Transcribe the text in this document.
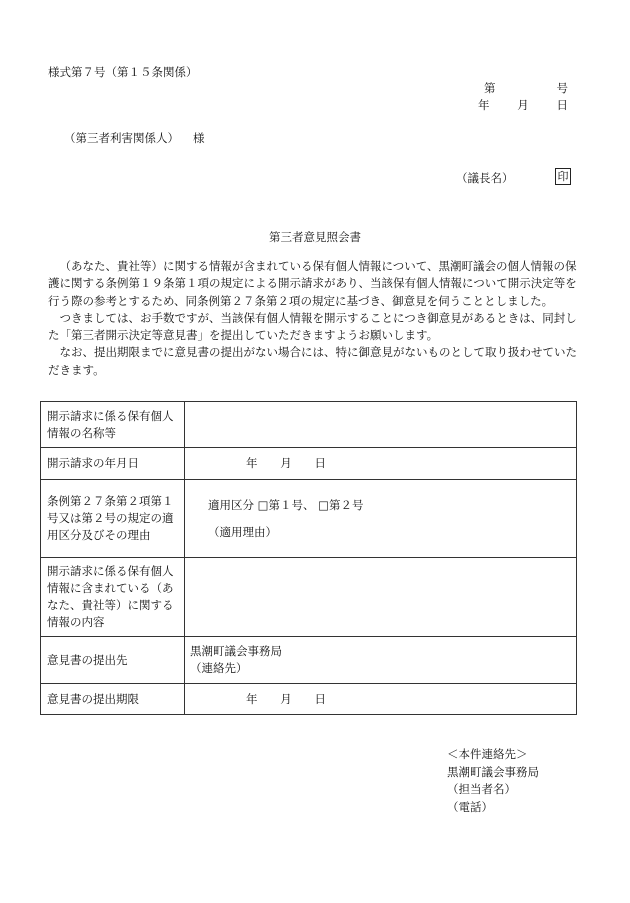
様式第７号（第１５条関係）
第	号
年 月 日
（第三者利害関係人） 様
（議長名）	印
第三者意見照会書

（あなた、貴社等）に関する情報が含まれている保有個人情報について、黒潮町議会の個人情報の保護に関する条例第１９条第１項の規定による開示請求があり、当該保有個人情報について開示決定等を行う際の参考とするため、同条例第２７条第２項の規定に基づき、御意見を伺うこととしました。

つきましては、お手数ですが、当該保有個人情報を開示することにつき御意見があるときは、同封した「第三者開示決定等意見書」を提出していただきますようお願いします。

なお、提出期限までに意見書の提出がない場合には、特に御意見がないものとして取り扱わせていただきます。

開示請求に係る保有個人情報の名称等	
開示請求の年月日	年 月 日

条例第２７条第２項第１号又は第２号の規定の適用区分及びその理由	適用区分 □第１号、 □第２号
（適用理由）

開示請求に係る保有個人情報に含まれている（あなた、貴社等）に関する情報の内容	
意見書の提出先	黒潮町議会事務局
（連絡先）

意見書の提出期限	年 月 日
＜本件連絡先＞
黒潮町議会事務局
（担当者名）
（電話）
